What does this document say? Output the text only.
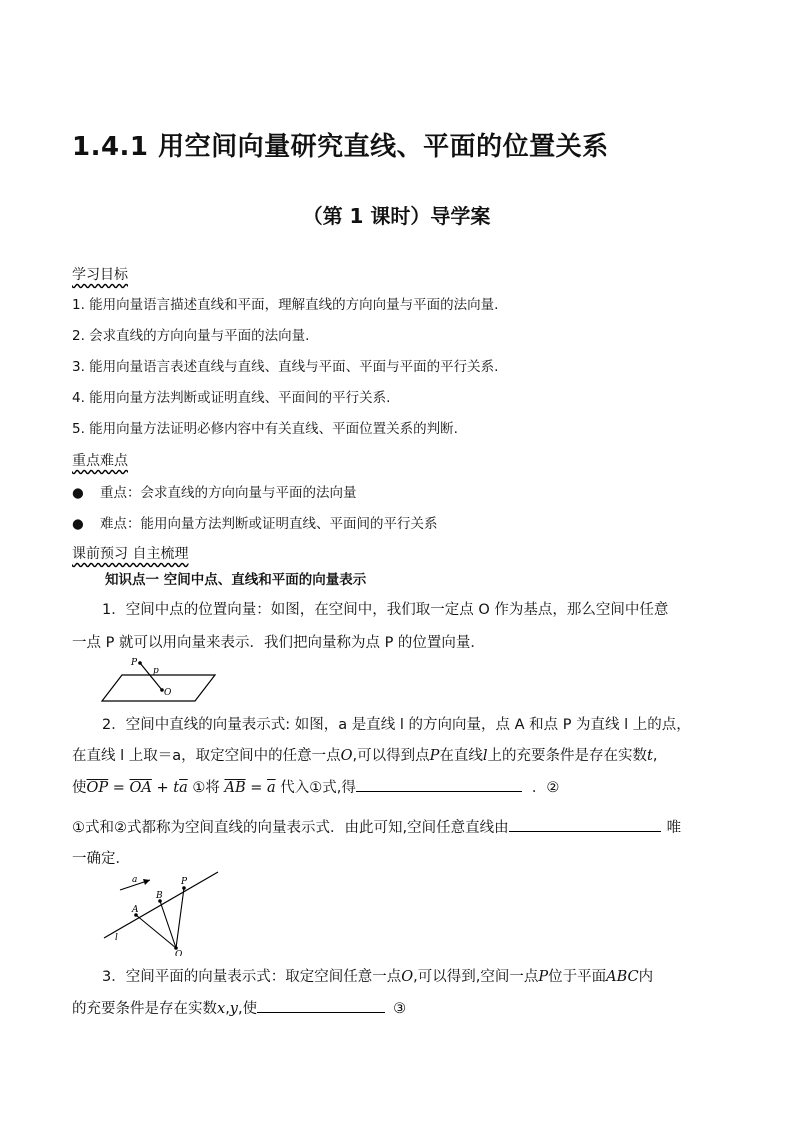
1.4.1 用空间向量研究直线、平面的位置关系
（第 1 课时）导学案
学习目标
1. 能用向量语言描述直线和平面，理解直线的方向向量与平面的法向量.
2. 会求直线的方向向量与平面的法向量.
3. 能用向量语言表述直线与直线、直线与平面、平面与平面的平行关系.
4. 能用向量方法判断或证明直线、平面间的平行关系.
5. 能用向量方法证明必修内容中有关直线、平面位置关系的判断.
重点难点
● 重点：会求直线的方向向量与平面的法向量
● 难点：能用向量方法判断或证明直线、平面间的平行关系
课前预习 自主梳理
知识点一 空间中点、直线和平面的向量表示
1．空间中点的位置向量：如图，在空间中，我们取一定点 O 作为基点，那么空间中任意
一点 P 就可以用向量来表示．我们把向量称为点 P 的位置向量．
P
p
O
2．空间中直线的向量表示式: 如图，a 是直线 l 的方向向量，点 A 和点 P 为直线 l 上的点，
在直线 l 上取＝a，取定空间中的任意一点O,可以得到点P在直线l上的充要条件是存在实数t,
使$\overline{OP} = \overline{OA} + t\overline{a}$ ①将 $\overline{AB} = \overline{a}$ 代入①式,得	．②
①式和②式都称为空间直线的向量表示式．由此可知,空间任意直线由	唯
一确定．
a	P
B
A
l
O
3．空间平面的向量表示式：取定空间任意一点O,可以得到,空间一点P位于平面ABC内
的充要条件是存在实数x,y,使	③
